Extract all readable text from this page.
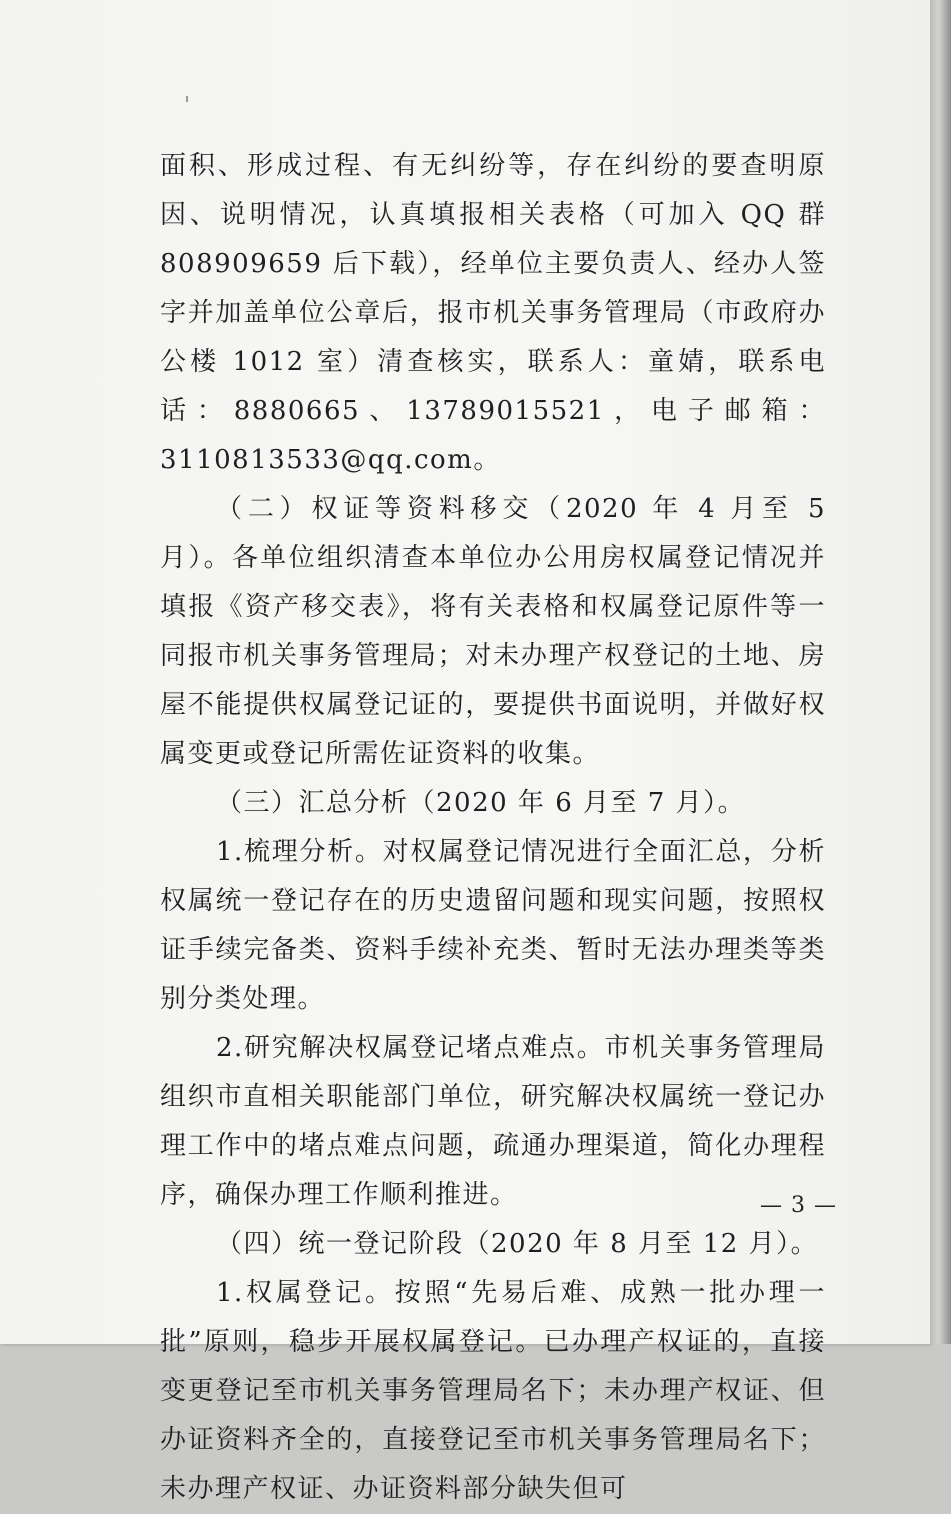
面积、形成过程、有无纠纷等，存在纠纷的要查明原因、说明情况，认真填报相关表格（可加入 QQ 群 808909659 后下载），经单位主要负责人、经办人签字并加盖单位公章后，报市机关事务管理局（市政府办公楼 1012 室）清查核实，联系人：童婧，联系电话：8880665、13789015521，电子邮箱：3110813533@qq.com。

（二）权证等资料移交（2020 年 4 月至 5 月）。各单位组织清查本单位办公用房权属登记情况并填报《资产移交表》，将有关表格和权属登记原件等一同报市机关事务管理局；对未办理产权登记的土地、房屋不能提供权属登记证的，要提供书面说明，并做好权属变更或登记所需佐证资料的收集。

（三）汇总分析（2020 年 6 月至 7 月）。

1.梳理分析。对权属登记情况进行全面汇总，分析权属统一登记存在的历史遗留问题和现实问题，按照权证手续完备类、资料手续补充类、暂时无法办理类等类别分类处理。

2.研究解决权属登记堵点难点。市机关事务管理局组织市直相关职能部门单位，研究解决权属统一登记办理工作中的堵点难点问题，疏通办理渠道，简化办理程序，确保办理工作顺利推进。

（四）统一登记阶段（2020 年 8 月至 12 月）。

1.权属登记。按照“先易后难、成熟一批办理一批”原则，稳步开展权属登记。已办理产权证的，直接变更登记至市机关事务管理局名下；未办理产权证、但办证资料齐全的，直接登记至市机关事务管理局名下；未办理产权证、办证资料部分缺失但可

— 3 —
